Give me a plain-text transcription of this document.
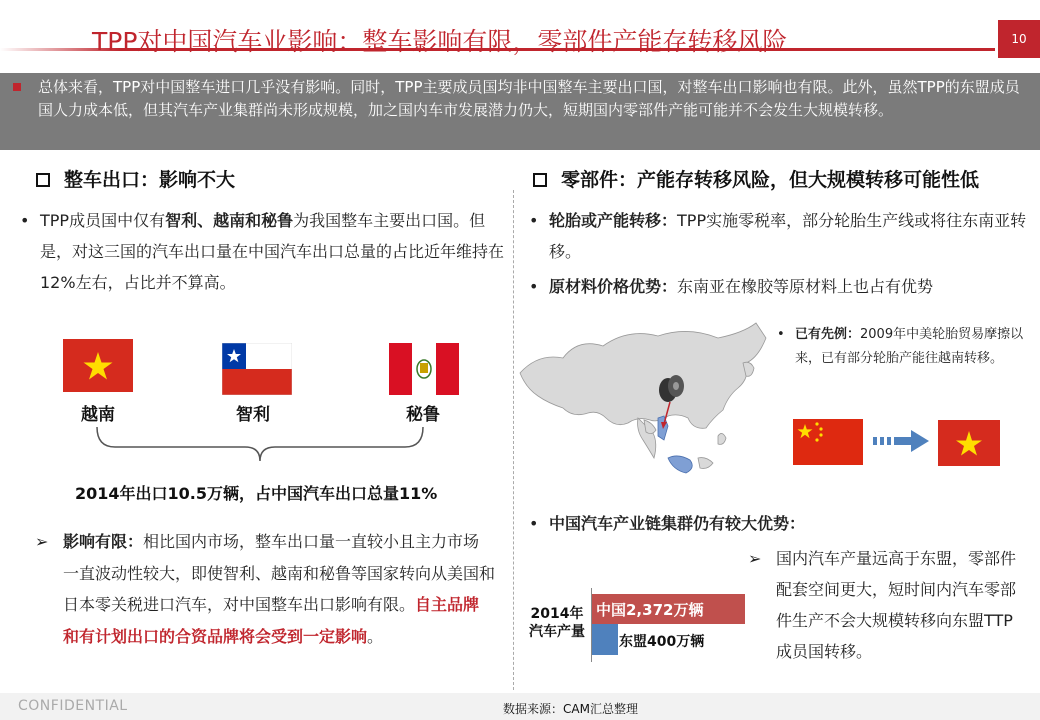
TPP对中国汽车业影响：整车影响有限，零部件产能存转移风险	10
总体来看，TPP对中国整车进口几乎没有影响。同时，TPP主要成员国均非中国整车主要出口国，对整车出口影响也有限。此外，虽然TPP的东盟成员国人力成本低，但其汽车产业集群尚未形成规模，加之国内车市发展潜力仍大，短期国内零部件产能可能并不会发生大规模转移。
整车出口：影响不大	零部件：产能存转移风险，但大规模转移可能性低
• TPP成员国中仅有智利、越南和秘鲁为我国整车主要出口国。但是，对这三国的汽车出口量在中国汽车出口总量的占比近年维持在12%左右，占比并不算高。
越南	智利	秘鲁
2014年出口10.5万辆，占中国汽车出口总量11%
➢ 影响有限：相比国内市场，整车出口量一直较小且主力市场一直波动性较大，即使智利、越南和秘鲁等国家转向从美国和日本零关税进口汽车，对中国整车出口影响有限。自主品牌和有计划出口的合资品牌将会受到一定影响。
• 轮胎或产能转移：TPP实施零税率，部分轮胎生产线或将往东南亚转移。
• 原材料价格优势：东南亚在橡胶等原材料上也占有优势
• 已有先例：2009年中美轮胎贸易摩擦以来，已有部分轮胎产能往越南转移。
• 中国汽车产业链集群仍有较大优势：
➢ 国内汽车产量远高于东盟，零部件配套空间更大，短时间内汽车零部件生产不会大规模转移向东盟TTP成员国转移。
2014年汽车产量
中国2,372万辆
东盟400万辆
CONFIDENTIAL	数据来源：CAM汇总整理
